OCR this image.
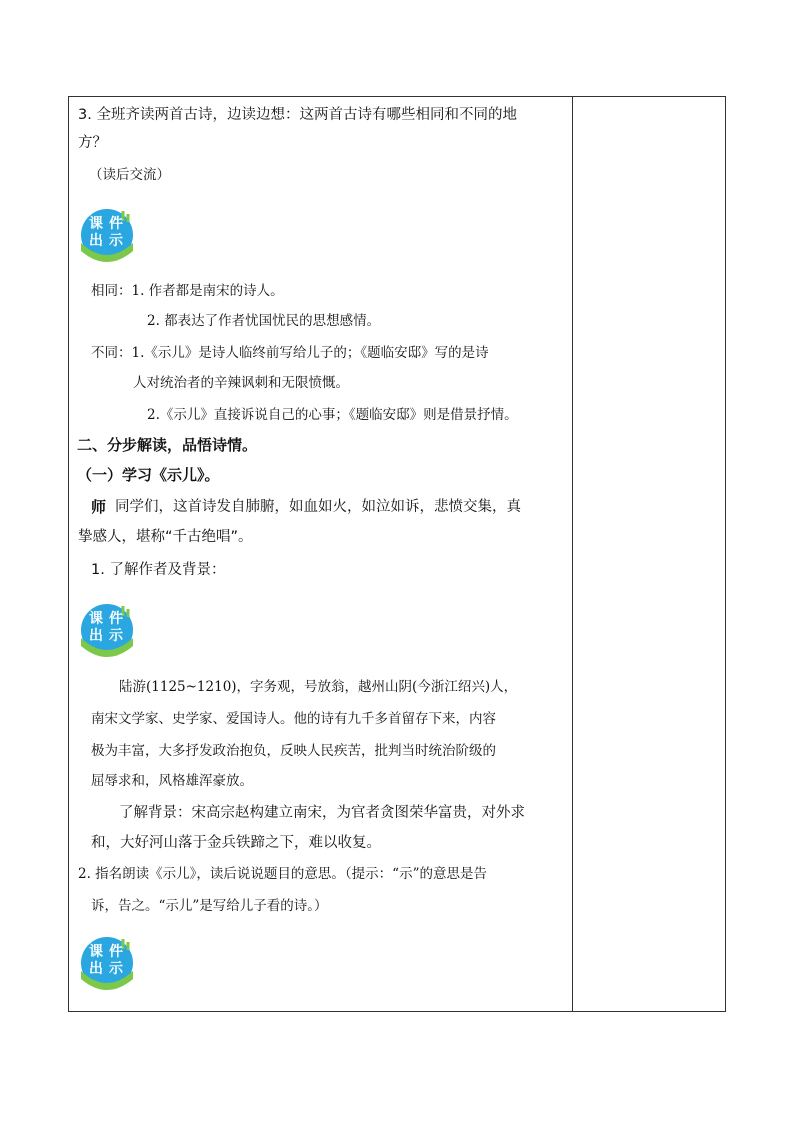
3. 全班齐读两首古诗，边读边想：这两首古诗有哪些相同和不同的地
方？
（读后交流）
课 件
出 示
相同：1. 作者都是南宋的诗人。
2. 都表达了作者忧国忧民的思想感情。
不同：1.《示儿》是诗人临终前写给儿子的；《题临安邸》写的是诗
人对统治者的辛辣讽刺和无限愤慨。
2.《示儿》直接诉说自己的心事；《题临安邸》则是借景抒情。
二、分步解读，品悟诗情。
（一）学习《示儿》。
师 同学们，这首诗发自肺腑，如血如火，如泣如诉，悲愤交集，真
挚感人，堪称“千古绝唱”。
1. 了解作者及背景：
课 件
出 示
陆游(1125~1210)，字务观，号放翁，越州山阴(今浙江绍兴)人，
南宋文学家、史学家、爱国诗人。他的诗有九千多首留存下来，内容
极为丰富，大多抒发政治抱负，反映人民疾苦，批判当时统治阶级的
屈辱求和，风格雄浑豪放。
了解背景：宋高宗赵构建立南宋，为官者贪图荣华富贵，对外求
和，大好河山落于金兵铁蹄之下，难以收复。
2. 指名朗读《示儿》，读后说说题目的意思。（提示：“示”的意思是告
诉，告之。“示儿”是写给儿子看的诗。）
课 件
出 示
